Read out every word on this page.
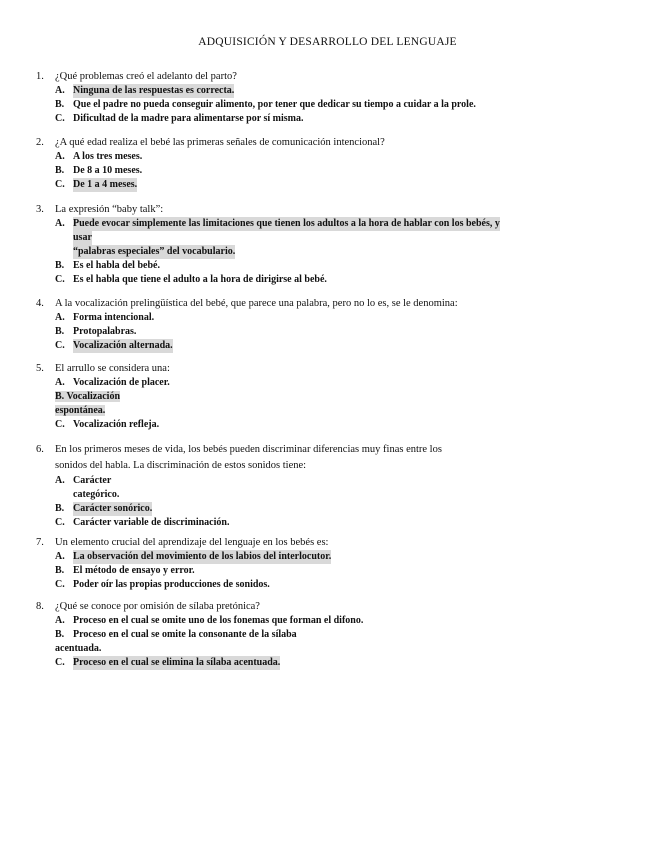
ADQUISICIÓN Y DESARROLLO DEL LENGUAJE
1.	¿Qué problemas creó el adelanto del parto?
A. Ninguna de las respuestas es correcta.
B. Que el padre no pueda conseguir alimento, por tener que dedicar su tiempo a cuidar a la prole.
C. Dificultad de la madre para alimentarse por sí misma.
2.	¿A qué edad realiza el bebé las primeras señales de comunicación intencional?
A. A los tres meses.
B. De 8 a 10 meses.
C. De 1 a 4 meses.
3.	La expresión “baby talk”:
A. Puede evocar simplemente las limitaciones que tienen los adultos a la hora de hablar con los bebés, y
usar
“palabras especiales” del vocabulario.
B. Es el habla del bebé.
C. Es el habla que tiene el adulto a la hora de dirigirse al bebé.
4.	A la vocalización prelingüística del bebé, que parece una palabra, pero no lo es, se le denomina:
A. Forma intencional.
B. Protopalabras.
C. Vocalización alternada.
5.	El arrullo se considera una:
A. Vocalización de placer.
B. Vocalización
espontánea.
C. Vocalización refleja.
6.	En los primeros meses de vida, los bebés pueden discriminar diferencias muy finas entre los
sonidos del habla. La discriminación de estos sonidos tiene:
A. Carácter
categórico.
B. Carácter sonórico.
C. Carácter variable de discriminación.
7.	Un elemento crucial del aprendizaje del lenguaje en los bebés es:
A. La observación del movimiento de los labios del interlocutor.
B. El método de ensayo y error.
C. Poder oír las propias producciones de sonidos.
8.	¿Qué se conoce por omisión de sílaba pretónica?
A. Proceso en el cual se omite uno de los fonemas que forman el difono.
B. Proceso en el cual se omite la consonante de la sílaba
acentuada.
C. Proceso en el cual se elimina la sílaba acentuada.
